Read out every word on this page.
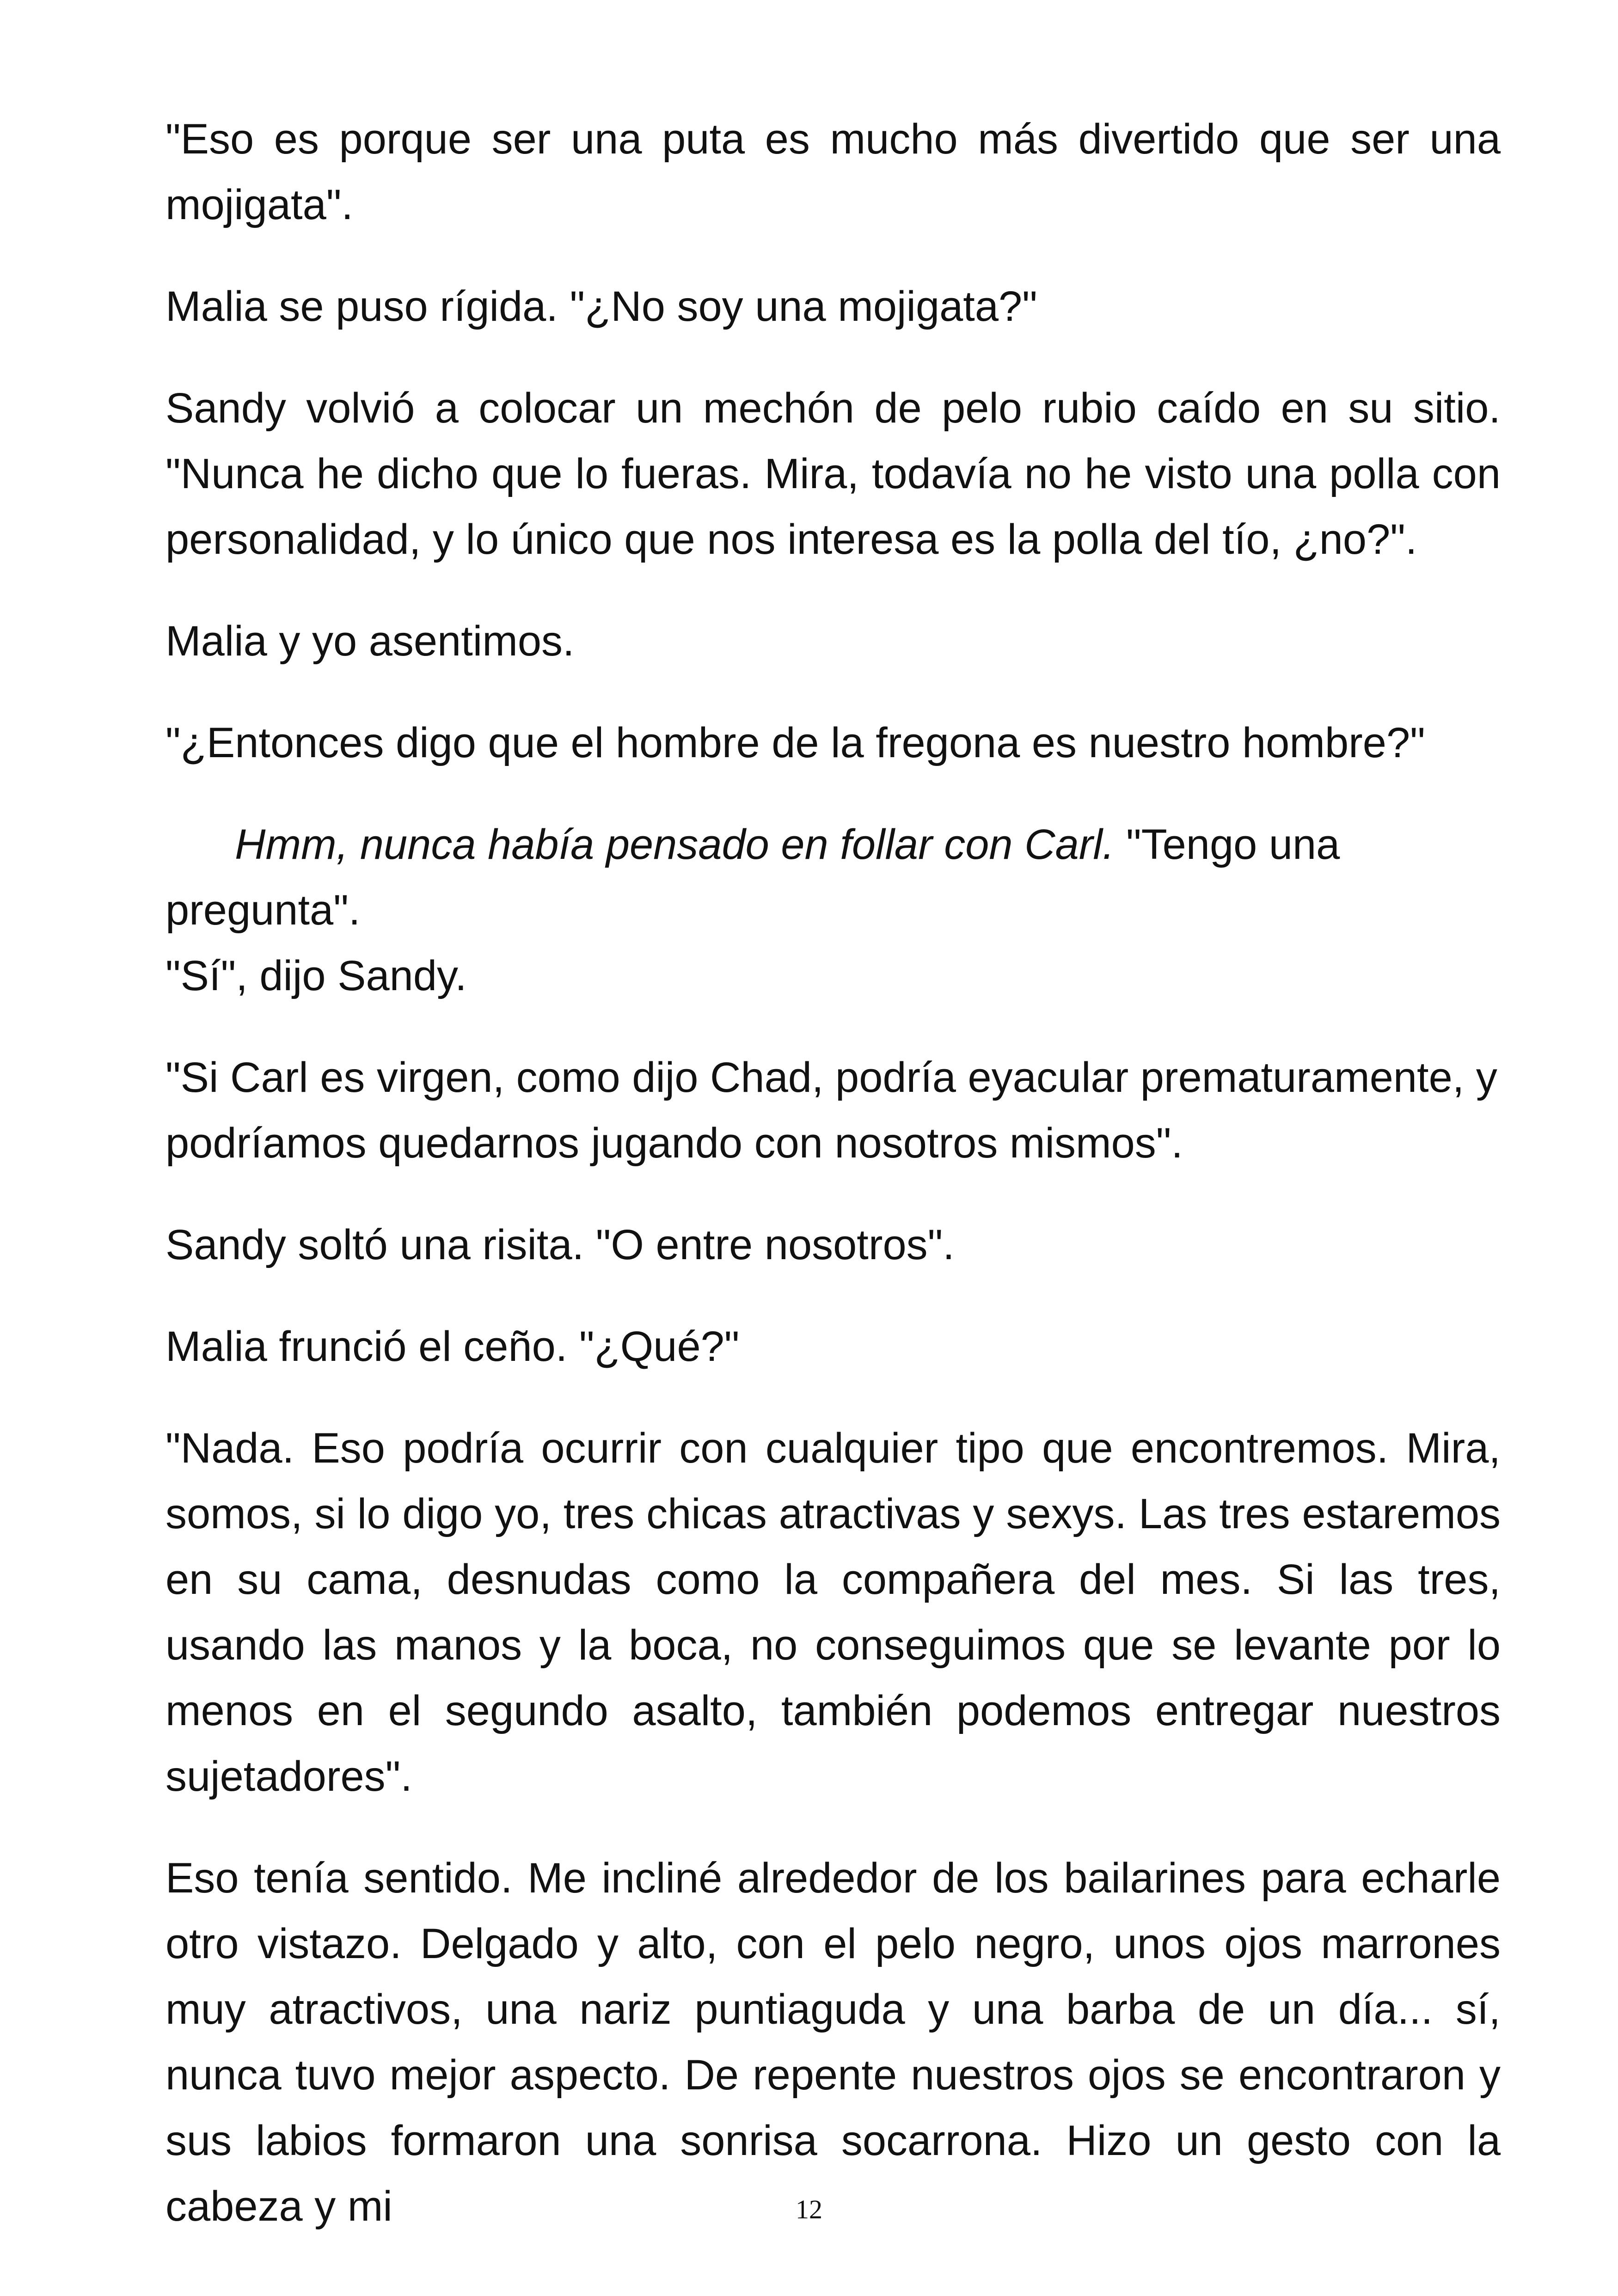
"Eso es porque ser una puta es mucho más divertido que ser una mojigata".

Malia se puso rígida. "¿No soy una mojigata?"

Sandy volvió a colocar un mechón de pelo rubio caído en su sitio. "Nunca he dicho que lo fueras. Mira, todavía no he visto una polla con personalidad, y lo único que nos interesa es la polla del tío, ¿no?".

Malia y yo asentimos.

"¿Entonces digo que el hombre de la fregona es nuestro hombre?"

Hmm, nunca había pensado en follar con Carl. "Tengo una pregunta".

"Sí", dijo Sandy.

"Si Carl es virgen, como dijo Chad, podría eyacular prematuramente, y podríamos quedarnos jugando con nosotros mismos".

Sandy soltó una risita. "O entre nosotros".

Malia frunció el ceño. "¿Qué?"

"Nada. Eso podría ocurrir con cualquier tipo que encontremos. Mira, somos, si lo digo yo, tres chicas atractivas y sexys. Las tres estaremos en su cama, desnudas como la compañera del mes. Si las tres, usando las manos y la boca, no conseguimos que se levante por lo menos en el segundo asalto, también podemos entregar nuestros sujetadores".

Eso tenía sentido. Me incliné alrededor de los bailarines para echarle otro vistazo. Delgado y alto, con el pelo negro, unos ojos marrones muy atractivos, una nariz puntiaguda y una barba de un día... sí, nunca tuvo mejor aspecto. De repente nuestros ojos se encontraron y sus labios formaron una sonrisa socarrona. Hizo un gesto con la cabeza y mi	12
